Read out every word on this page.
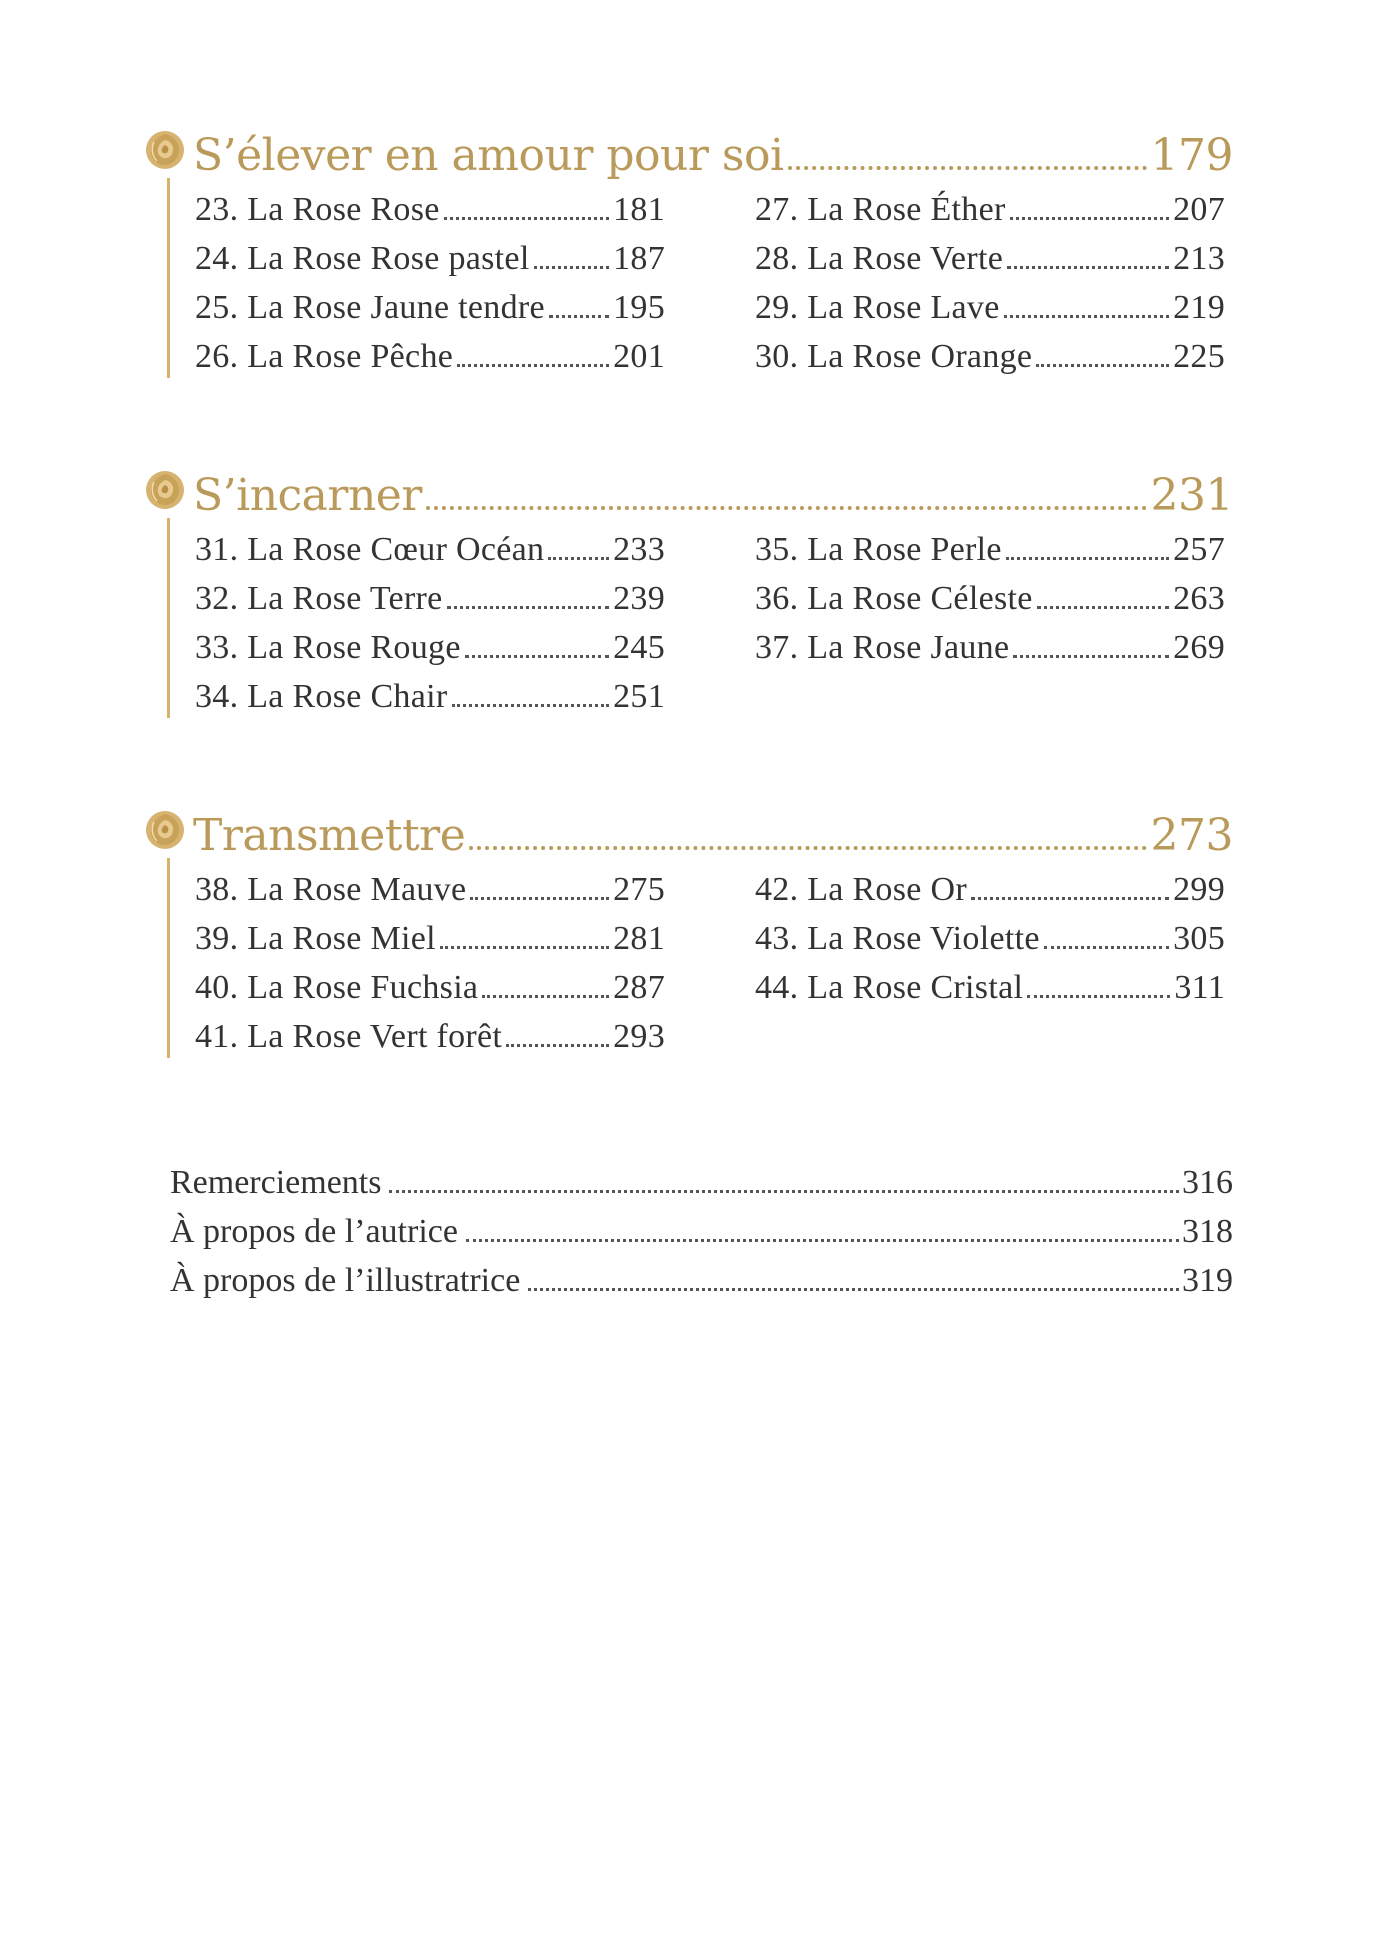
S’élever en amour pour soi	179
23. La Rose Rose	181
24. La Rose Rose pastel 187
25. La Rose Jaune tendre 195
26. La Rose Pêche	201
27. La Rose Éther	207
28. La Rose Verte	213
29. La Rose Lave	219
30. La Rose Orange	225
S’incarner	231
31. La Rose Cœur Océan 233
32. La Rose Terre	239
33. La Rose Rouge	245
34. La Rose Chair	251
35. La Rose Perle	257
36. La Rose Céleste	263
37. La Rose Jaune	269
Transmettre	273
38. La Rose Mauve	275
39. La Rose Miel	281
40. La Rose Fuchsia	287
41. La Rose Vert forêt	293
42. La Rose Or	299
43. La Rose Violette	305
44. La Rose Cristal	311
Remerciements	316
À propos de l’autrice	318
À propos de l’illustratrice	319
